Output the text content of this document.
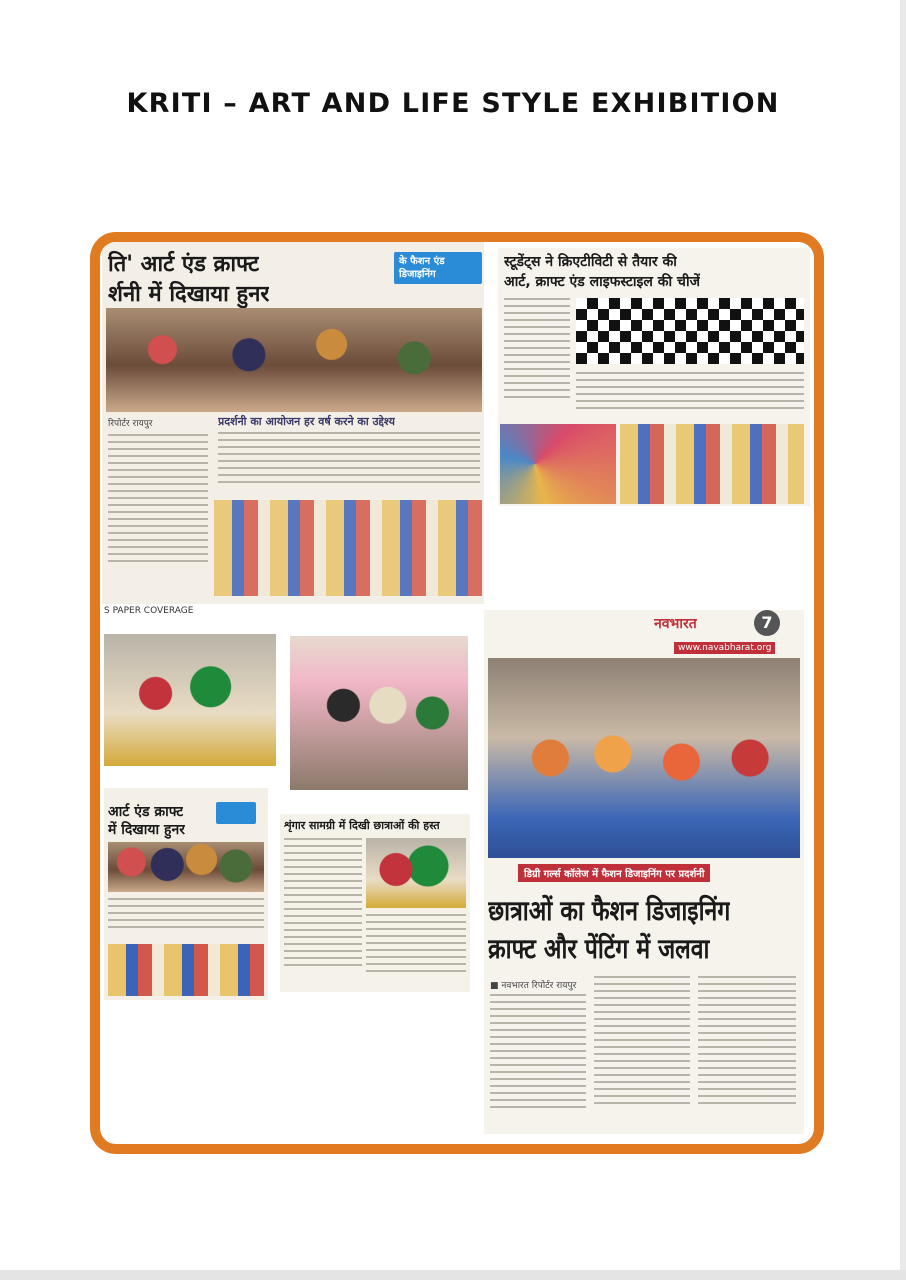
KRITI – ART AND LIFE STYLE EXHIBITION
ति' आर्ट एंड क्राफ्ट	के फैशन एंड डिजाइनिंग
र्शनी में दिखाया हुनर
रिपोर्टर रायपुर	प्रदर्शनी का आयोजन हर वर्ष करने का उद्देश्य
S PAPER COVERAGE
स्टूडेंट्स ने क्रिएटीविटी से तैयार की
आर्ट, क्राफ्ट एंड लाइफस्टाइल की चीजें
आर्ट एंड क्राफ्ट
में दिखाया हुनर	शृंगार सामग्री में दिखी छात्राओं की हस्त
नवभारत	7
www.navabharat.org
डिग्री गर्ल्स कॉलेज में फैशन डिजाइनिंग पर प्रदर्शनी
छात्राओं का फैशन डिजाइनिंग
क्राफ्ट और पेंटिंग में जलवा
■ नवभारत रिपोर्टर रायपुर
